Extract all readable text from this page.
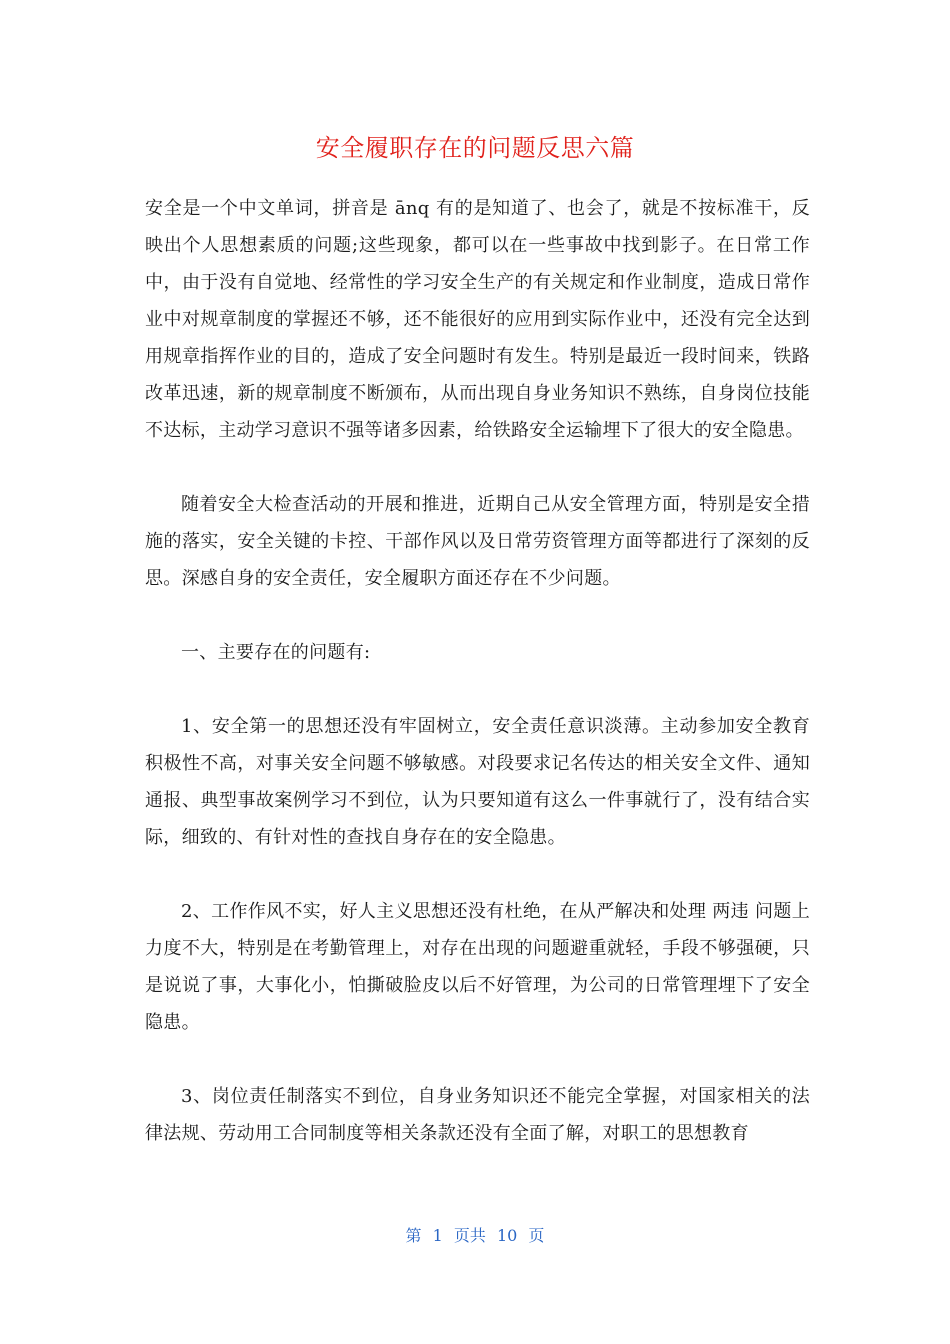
安全履职存在的问题反思六篇

安全是一个中文单词，拼音是 ānq 有的是知道了、也会了，就是不按标准干，反映出个人思想素质的问题;这些现象，都可以在一些事故中找到影子。在日常工作中，由于没有自觉地、经常性的学习安全生产的有关规定和作业制度，造成日常作业中对规章制度的掌握还不够，还不能很好的应用到实际作业中，还没有完全达到用规章指挥作业的目的，造成了安全问题时有发生。特别是最近一段时间来，铁路改革迅速，新的规章制度不断颁布，从而出现自身业务知识不熟练，自身岗位技能不达标，主动学习意识不强等诸多因素，给铁路安全运输埋下了很大的安全隐患。

随着安全大检查活动的开展和推进，近期自己从安全管理方面，特别是安全措施的落实，安全关键的卡控、干部作风以及日常劳资管理方面等都进行了深刻的反思。深感自身的安全责任，安全履职方面还存在不少问题。

一、主要存在的问题有:

1、安全第一的思想还没有牢固树立，安全责任意识淡薄。主动参加安全教育积极性不高，对事关安全问题不够敏感。对段要求记名传达的相关安全文件、通知通报、典型事故案例学习不到位，认为只要知道有这么一件事就行了，没有结合实际，细致的、有针对性的查找自身存在的安全隐患。

2、工作作风不实，好人主义思想还没有杜绝，在从严解决和处理 两违 问题上力度不大，特别是在考勤管理上，对存在出现的问题避重就轻，手段不够强硬，只是说说了事，大事化小，怕撕破脸皮以后不好管理，为公司的日常管理埋下了安全隐患。

3、岗位责任制落实不到位，自身业务知识还不能完全掌握，对国家相关的法律法规、劳动用工合同制度等相关条款还没有全面了解，对职工的思想教育

第 1 页共 10 页
